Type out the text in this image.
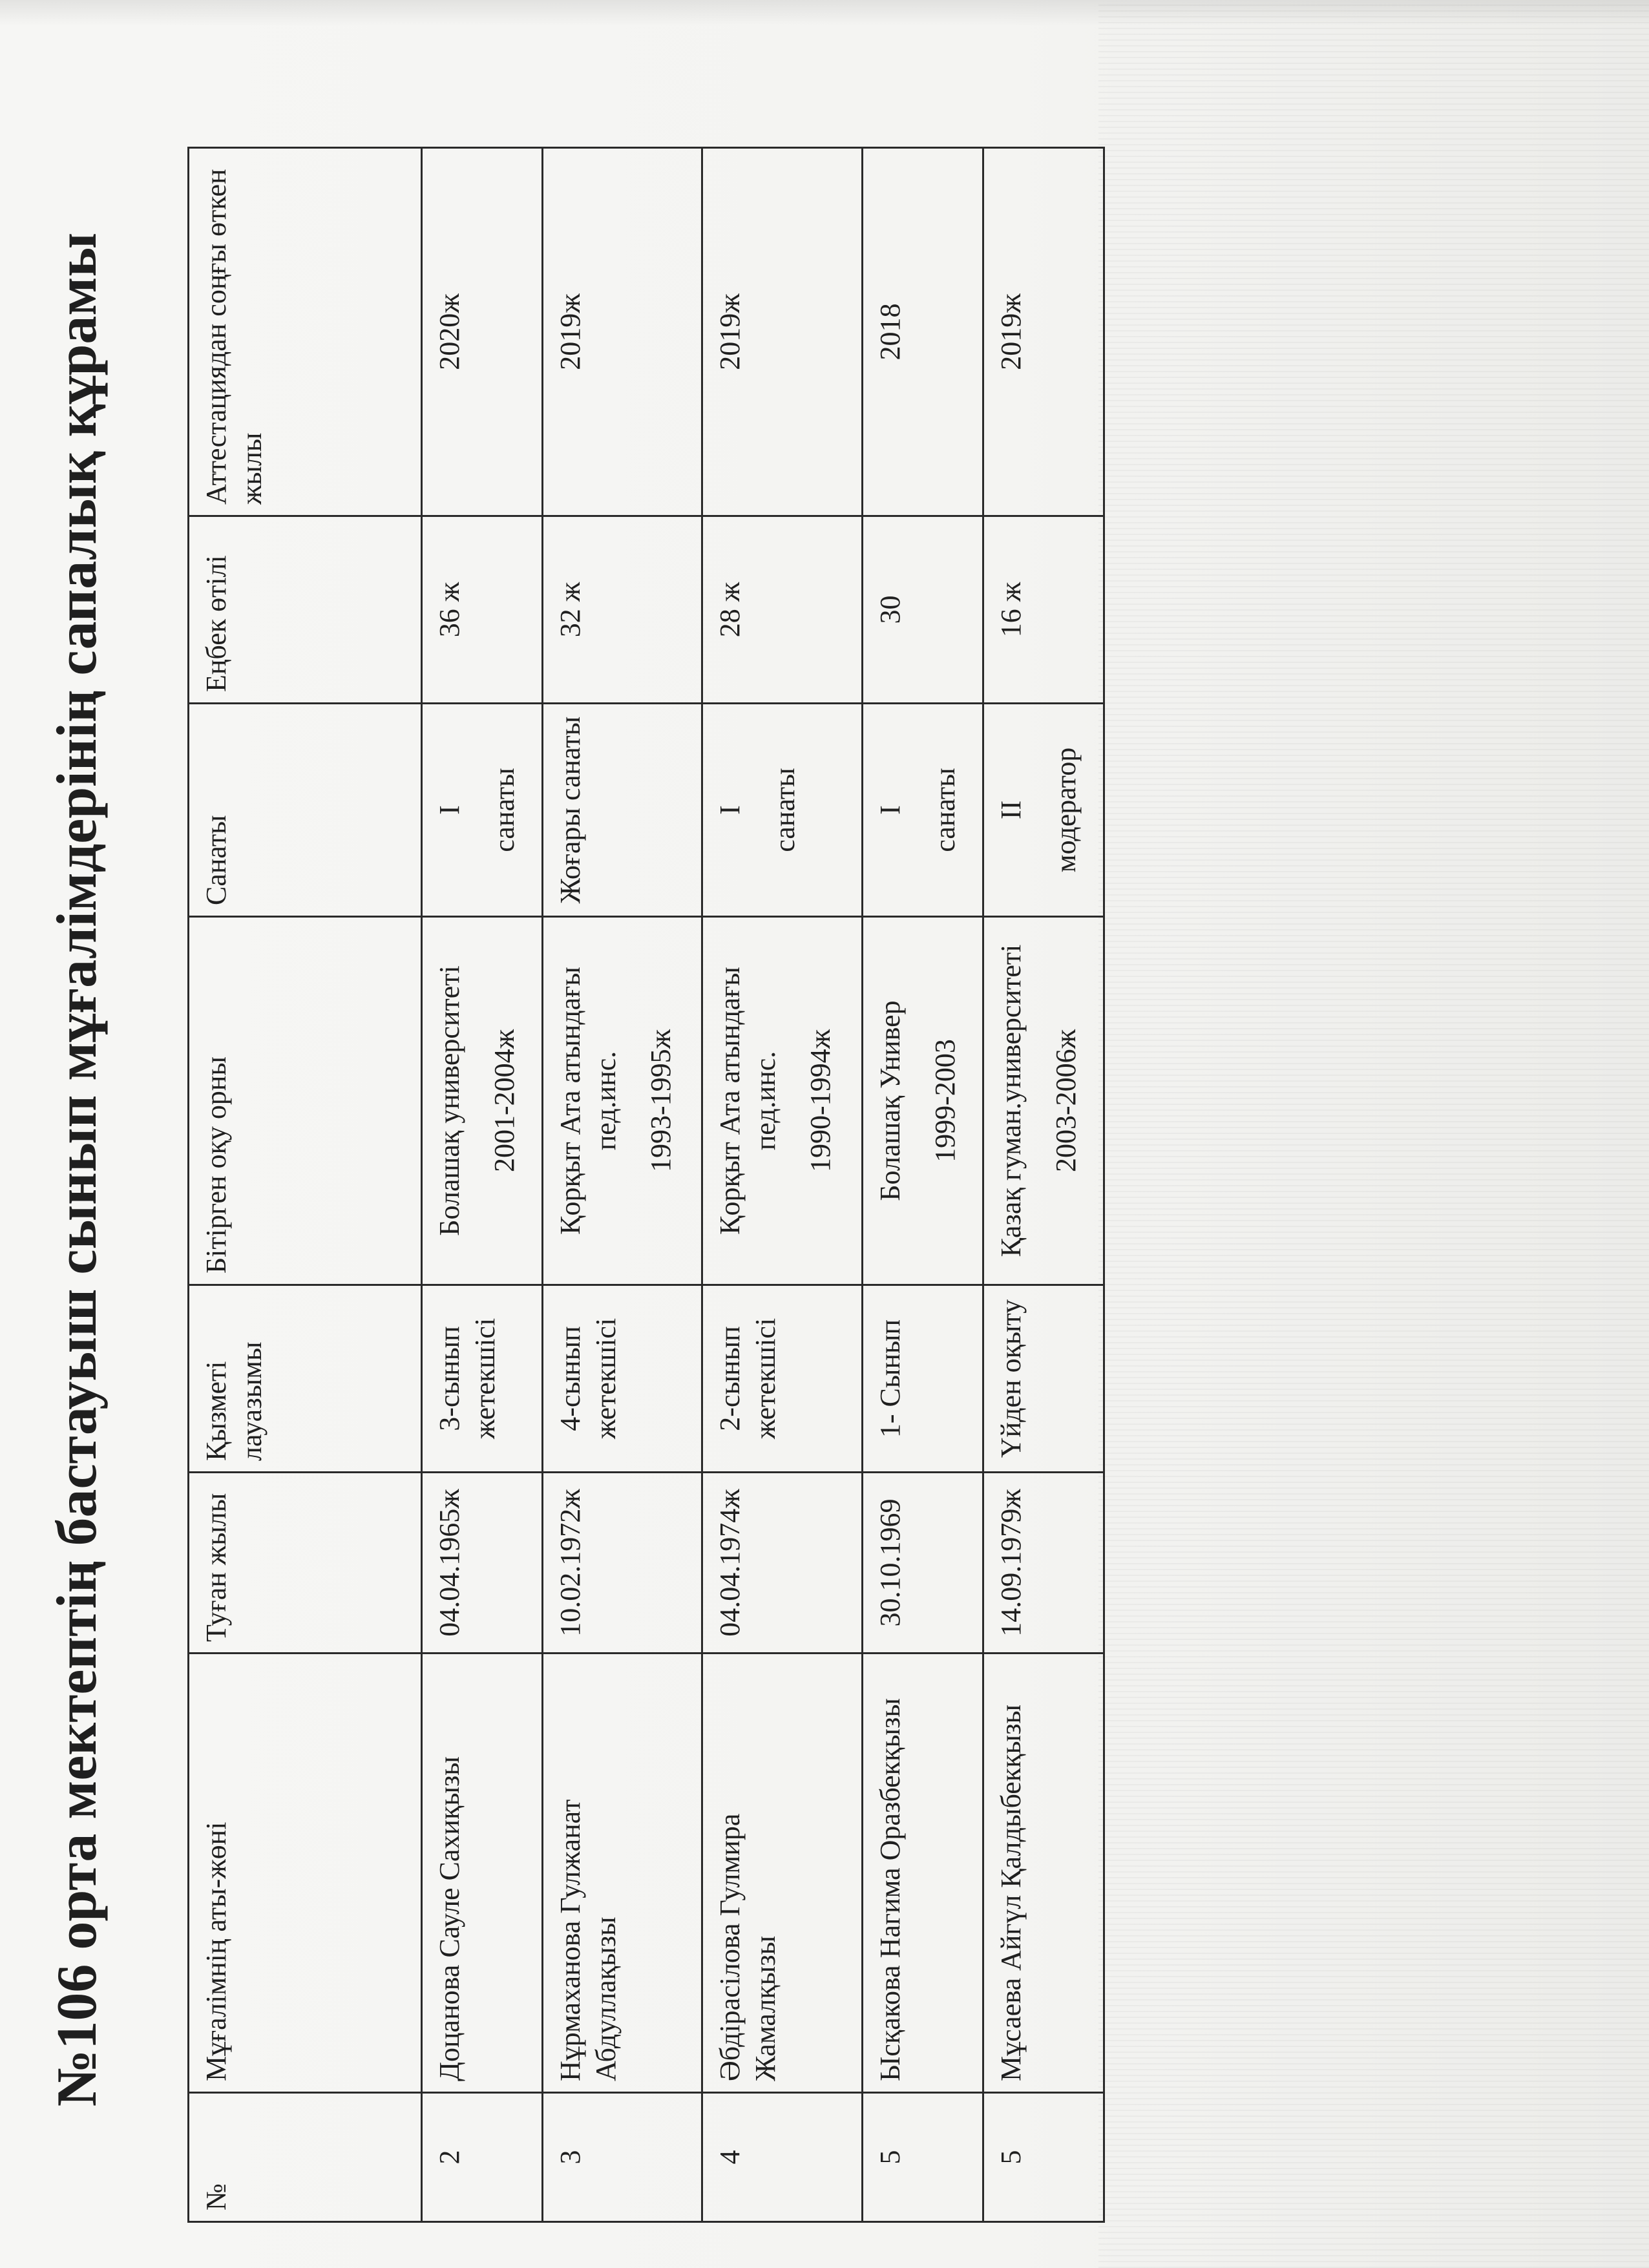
№106 орта мектептің бастауыш сынып мұғалімдерінің сапалық құрамы
№	Мұғалімнің аты-жөні	Туған жылы	Қызметі лауазымы	Бітірген оқу орны	Санаты	Еңбек өтілі	Аттестациядан соңғы өткен жылы
2	Доцанова Сауле Сахиқызы	04.04.1965ж	3-сынып жетекшісі	Болашақ университеті 2001-2004ж	I санаты	36 ж	2020ж
3	Нұрмаханова Гулжанат Абдуллақызы	10.02.1972ж	4-сынып жетекшісі	Қорқыт Ата атындағы пед.инс. 1993-1995ж	Жоғары санаты	32 ж	2019ж
4	Әбдірасілова Гулмира Жамалқызы	04.04.1974ж	2-сынып жетекшісі	Қорқыт Ата атындағы пед.инс. 1990-1994ж	I санаты	28 ж	2019ж
5	Ысқакова Нагима Оразбекқызы	30.10.1969	1- Сынып	Болашақ Универ 1999-2003	I санаты	30	2018
5	Мұсаева Айгүл Қалдыбекқызы	14.09.1979ж	Үйден оқыту	Қазақ гуман.университеті 2003-2006ж	II модератор	16 ж	2019ж
